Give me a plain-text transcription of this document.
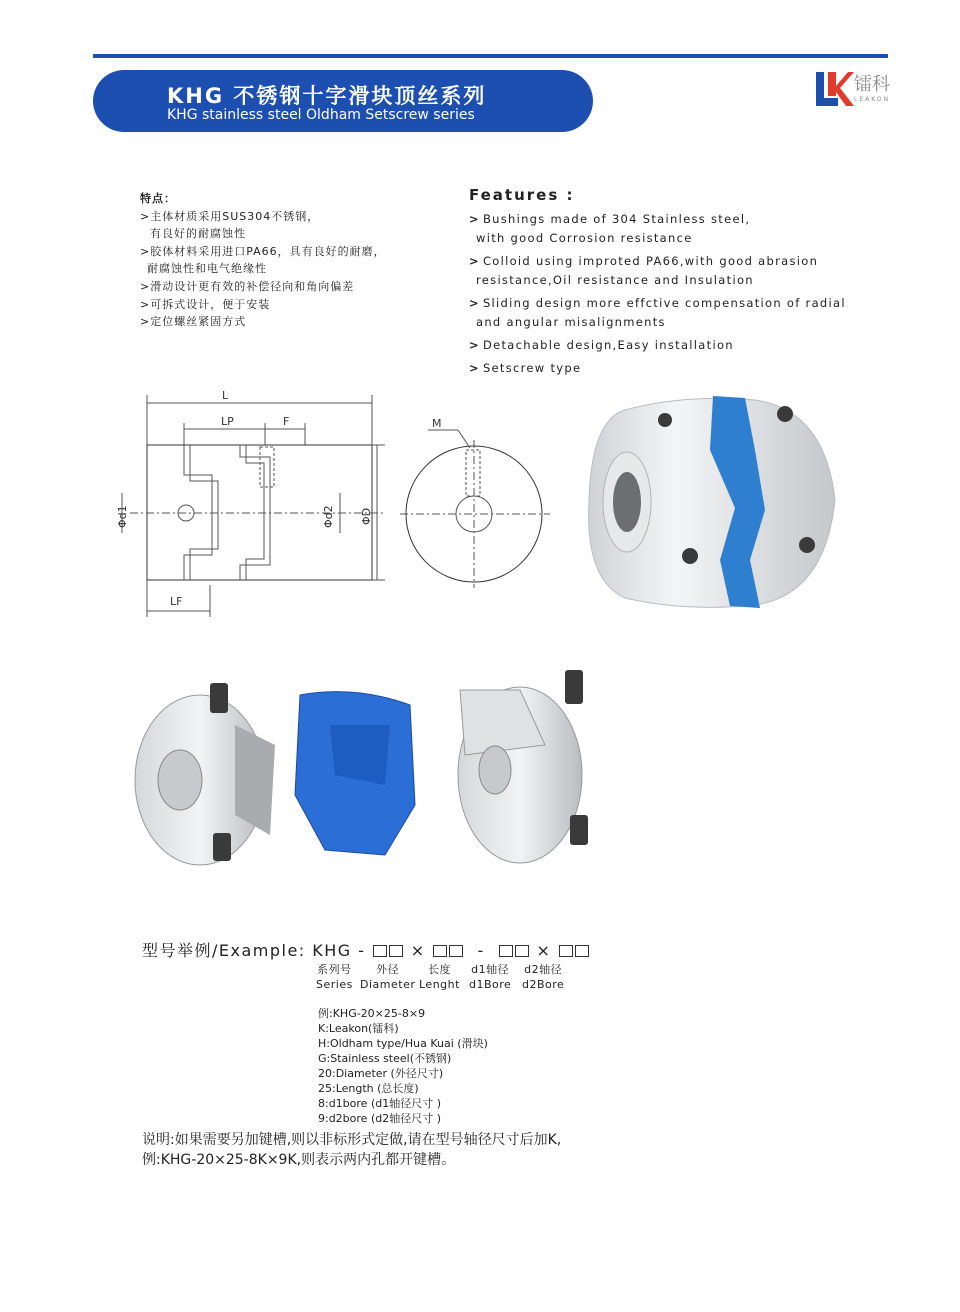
KHG 不锈钢十字滑块顶丝系列
KHG stainless steel Oldham Setscrew series
镭科
LEAKON
特点：
>主体材质采用SUS304不锈钢，
有良好的耐腐蚀性
>胶体材料采用进口PA66，具有良好的耐磨，
耐腐蚀性和电气绝缘性
>滑动设计更有效的补偿径向和角向偏差
>可拆式设计，便于安装
>定位螺丝紧固方式
Features :
> Bushings made of 304 Stainless steel,
with good Corrosion resistance
> Colloid using improted PA66,with good abrasion
resistance,Oil resistance and Insulation
> Sliding design more effctive compensation of radial
and angular misalignments
> Detachable design,Easy installation
> Setscrew type
L
LP	F
LF
Φd1	Φd2 ΦD
M
型号举例/Example: KHG -	×	-	×
系列号
Series
外径
Diameter
长度
Lenght
d1轴径
d1Bore
d2轴径
d2Bore
例:KHG-20×25-8×9
K:Leakon(镭科)
H:Oldham type/Hua Kuai (滑块)
G:Stainless steel(不锈钢)
20:Diameter (外径尺寸)
25:Length (总长度)
8:d1bore (d1轴径尺寸 )
9:d2bore (d2轴径尺寸 )
说明:如果需要另加键槽,则以非标形式定做,请在型号轴径尺寸后加K,
例:KHG-20×25-8K×9K,则表示两内孔都开键槽。
